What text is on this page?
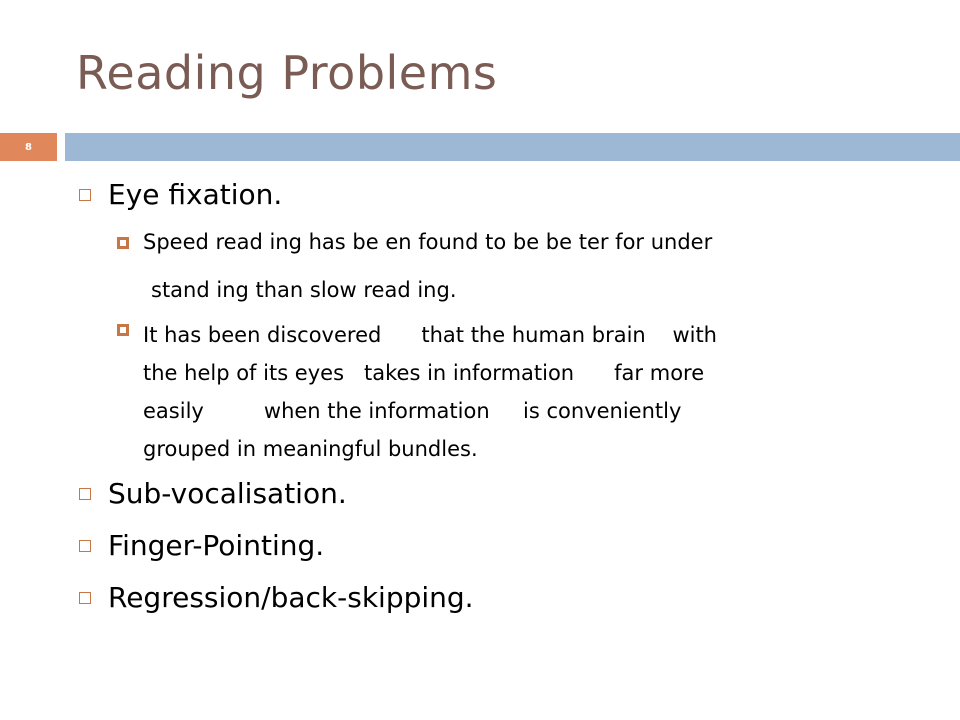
Reading Problems
8
Eye fixation.
Speed read ing has be en found to be be ter for under
stand ing than slow read ing.
It has been discovered      that the human brain    with
the help of its eyes   takes in information      far more
easily         when the information     is conveniently
grouped in meaningful bundles.
Sub-vocalisation.
Finger-Pointing.
Regression/back-skipping.
